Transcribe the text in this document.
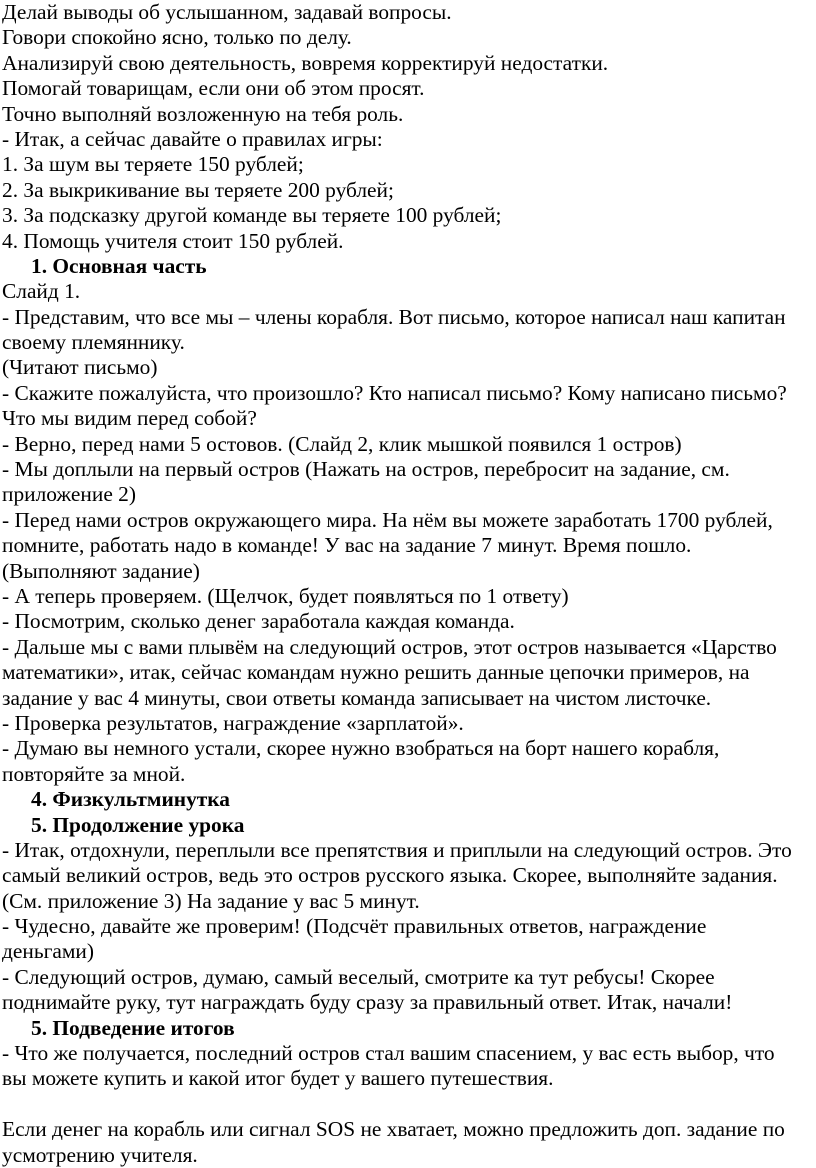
Делай выводы об услышанном, задавай вопросы.
Говори спокойно ясно, только по делу.
Анализируй свою деятельность, вовремя корректируй недостатки.
Помогай товарищам, если они об этом просят.
Точно выполняй возложенную на тебя роль.
- Итак, а сейчас давайте о правилах игры:
1. За шум вы теряете 150 рублей;
2. За выкрикивание вы теряете 200 рублей;
3. За подсказку другой команде вы теряете 100 рублей;
4. Помощь учителя стоит 150 рублей.
1. Основная часть
Слайд 1.
- Представим, что все мы – члены корабля. Вот письмо, которое написал наш капитан
своему племяннику.
(Читают письмо)
- Скажите пожалуйста, что произошло? Кто написал письмо? Кому написано письмо?
Что мы видим перед собой?
- Верно, перед нами 5 остовов. (Слайд 2, клик мышкой появился 1 остров)
- Мы доплыли на первый остров (Нажать на остров, перебросит на задание, см.
приложение 2)
- Перед нами остров окружающего мира. На нём вы можете заработать 1700 рублей,
помните, работать надо в команде! У вас на задание 7 минут. Время пошло.
(Выполняют задание)
- А теперь проверяем. (Щелчок, будет появляться по 1 ответу)
- Посмотрим, сколько денег заработала каждая команда.
- Дальше мы с вами плывём на следующий остров, этот остров называется «Царство
математики», итак, сейчас командам нужно решить данные цепочки примеров, на
задание у вас 4 минуты, свои ответы команда записывает на чистом листочке.
- Проверка результатов, награждение «зарплатой».
- Думаю вы немного устали, скорее нужно взобраться на борт нашего корабля,
повторяйте за мной.
4. Физкультминутка
5. Продолжение урока
- Итак, отдохнули, переплыли все препятствия и приплыли на следующий остров. Это
самый великий остров, ведь это остров русского языка. Скорее, выполняйте задания.
(См. приложение 3) На задание у вас 5 минут.
- Чудесно, давайте же проверим! (Подсчёт правильных ответов, награждение
деньгами)
- Следующий остров, думаю, самый веселый, смотрите ка тут ребусы! Скорее
поднимайте руку, тут награждать буду сразу за правильный ответ. Итак, начали!
5. Подведение итогов
- Что же получается, последний остров стал вашим спасением, у вас есть выбор, что
вы можете купить и какой итог будет у вашего путешествия.
Если денег на корабль или сигнал SOS не хватает, можно предложить доп. задание по
усмотрению учителя.
